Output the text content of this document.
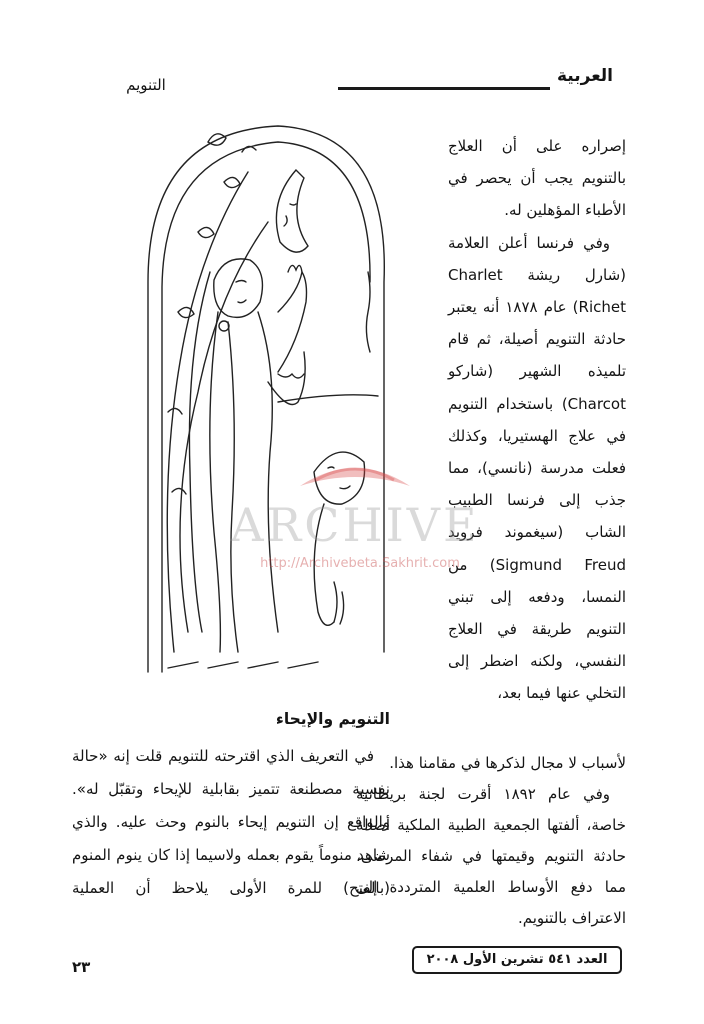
العربية
التنويم

إصراره على أن العلاج بالتنويم يجب أن يحصر في الأطباء المؤهلين له.

وفي فرنسا أعلن العلامة (شارل ريشة Charlet Richet) عام ١٨٧٨ أنه يعتبر حادثة التنويم أصيلة، ثم قام تلميذه الشهير (شاركو Charcot) باستخدام التنويم في علاج الهستيريا، وكذلك فعلت مدرسة (نانسي)، مما جذب إلى فرنسا الطبيب الشاب (سيغموند فرويد Sigmund Freud) من النمسا، ودفعه إلى تبني التنويم طريقة في العلاج النفسي، ولكنه اضطر إلى التخلي عنها فيما بعد،

لأسباب لا مجال لذكرها في مقامنا هذا.

وفي عام ١٨٩٢ أقرت لجنة بريطانية خاصة، ألفتها الجمعية الطبية الملكية أصالة حادثة التنويم وقيمتها في شفاء المرضى، مما دفع الأوساط العلمية المترددة إلى الاعتراف بالتنويم.

التنويم والإيحاء

في التعريف الذي اقترحته للتنويم قلت إنه «حالة نفسية مصطنعة تتميز بقابلية للإيحاء وتقبّل له». والواقع إن التنويم إيحاء بالنوم وحث عليه. والذي شاهد منوماً يقوم بعمله ولاسيما إذا كان ينوم المنوم (بالفتح) للمرة الأولى يلاحظ أن العملية

ARCHIVE
http://Archivebeta.Sakhrit.com
العدد ٥٤١ تشرين الأول ٢٠٠٨
٢٣
